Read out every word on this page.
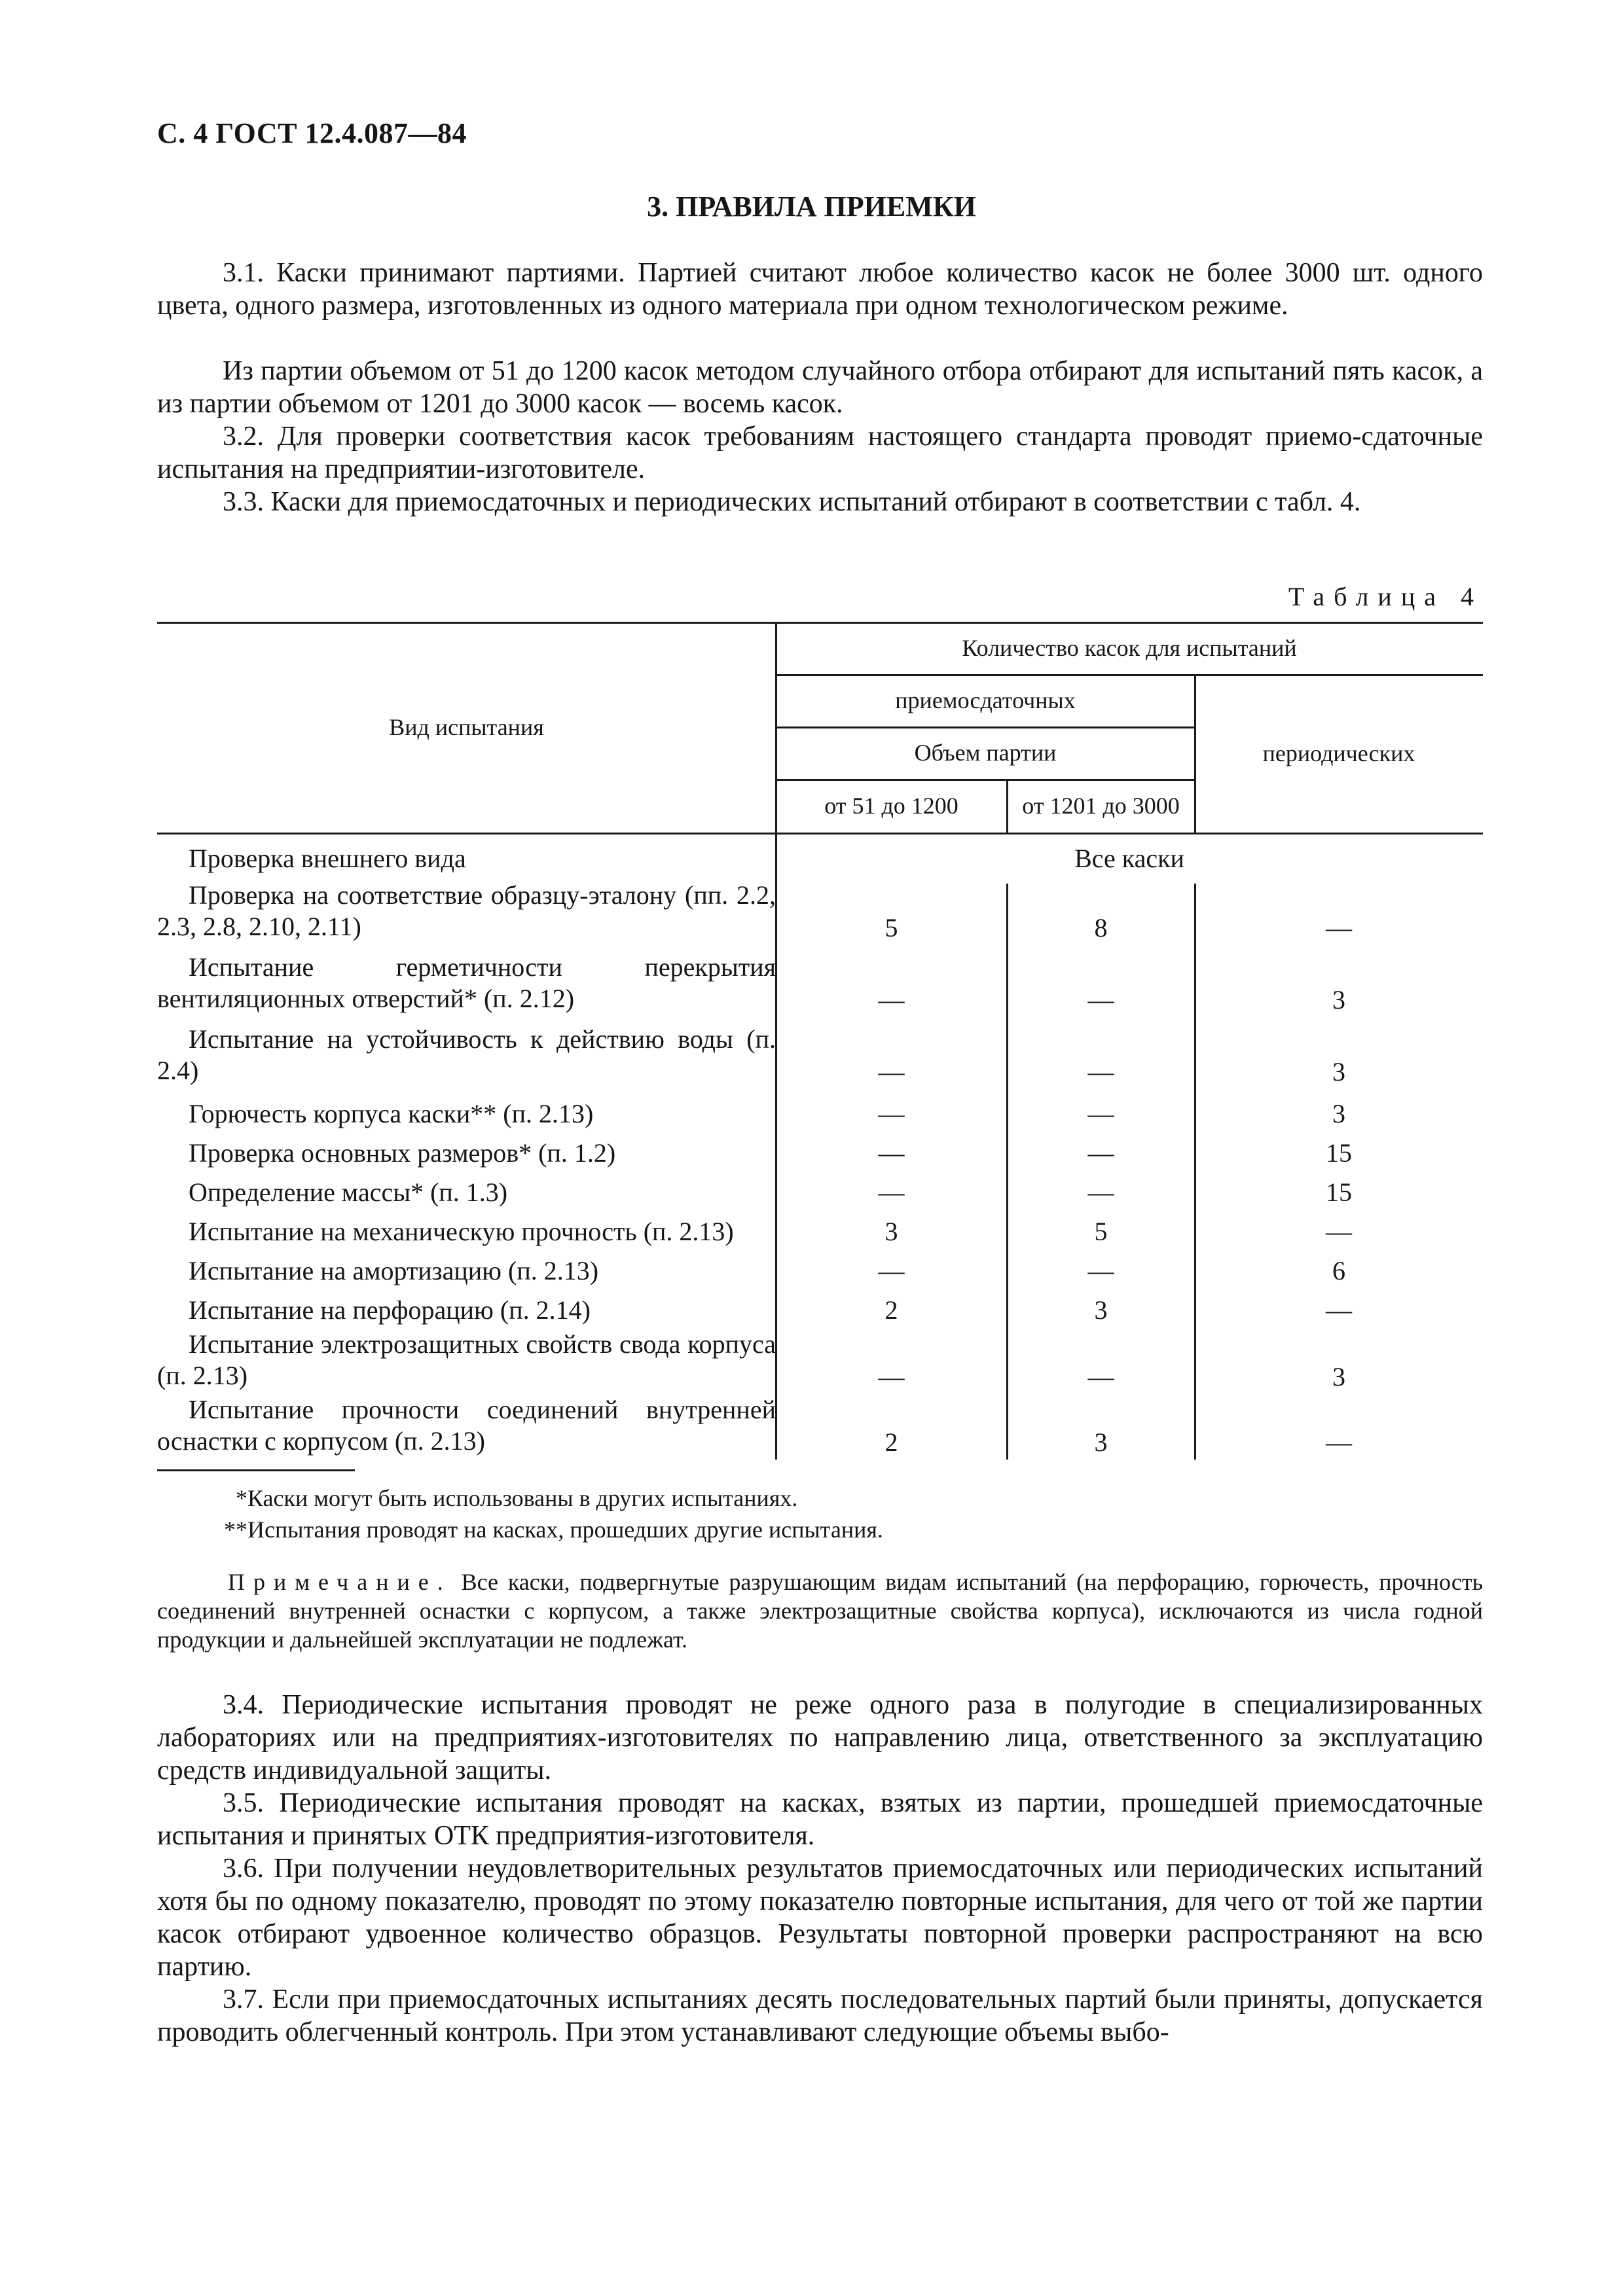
С. 4 ГОСТ 12.4.087—84
3. ПРАВИЛА ПРИЕМКИ

3.1. Каски принимают партиями. Партией считают любое количество касок не более 3000 шт. одного цвета, одного размера, изготовленных из одного материала при одном технологическом режиме.

Из партии объемом от 51 до 1200 касок методом случайного отбора отбирают для испытаний пять касок, а из партии объемом от 1201 до 3000 касок — восемь касок.

3.2. Для проверки соответствия касок требованиям настоящего стандарта проводят приемо-сдаточные испытания на предприятии-изготовителе.

3.3. Каски для приемосдаточных и периодических испытаний отбирают в соответствии с табл. 4.

Таблица 4
Вид испытания
Количество касок для испытаний
приемосдаточных
периодических
Объем партии
от 51 до 1200	от 1201 до 3000
Проверка внешнего вида	Все каски
Проверка на соответствие образцу-эталону (пп. 2.2, 2.3, 2.8, 2.10, 2.11)	5	8	—
Испытание герметичности перекрытия вентиляционных отверстий* (п. 2.12)	—	—	3
Испытание на устойчивость к действию воды (п. 2.4)	—	—	3
Горючесть корпуса каски** (п. 2.13)	—	—	3
Проверка основных размеров* (п. 1.2)	—	—	15
Определение массы* (п. 1.3)	—	—	15
Испытание на механическую прочность (п. 2.13)	3	5	—
Испытание на амортизацию (п. 2.13)	—	—	6
Испытание на перфорацию (п. 2.14)	2	3	—
Испытание электрозащитных свойств свода корпуса (п. 2.13)	—	—	3
Испытание прочности соединений внутренней оснастки с корпусом (п. 2.13)	2	3	—
*Каски могут быть использованы в других испытаниях.
**Испытания проводят на касках, прошедших другие испытания.
Примечание. Все каски, подвергнутые разрушающим видам испытаний (на перфорацию, горючесть, прочность соединений внутренней оснастки с корпусом, а также электрозащитные свойства корпуса), исключаются из числа годной продукции и дальнейшей эксплуатации не подлежат.

3.4. Периодические испытания проводят не реже одного раза в полугодие в специализированных лабораториях или на предприятиях-изготовителях по направлению лица, ответственного за эксплуатацию средств индивидуальной защиты.

3.5. Периодические испытания проводят на касках, взятых из партии, прошедшей приемосдаточные испытания и принятых ОТК предприятия-изготовителя.

3.6. При получении неудовлетворительных результатов приемосдаточных или периодических испытаний хотя бы по одному показателю, проводят по этому показателю повторные испытания, для чего от той же партии касок отбирают удвоенное количество образцов. Результаты повторной проверки распространяют на всю партию.

3.7. Если при приемосдаточных испытаниях десять последовательных партий были приняты, допускается проводить облегченный контроль. При этом устанавливают следующие объемы выбо-
